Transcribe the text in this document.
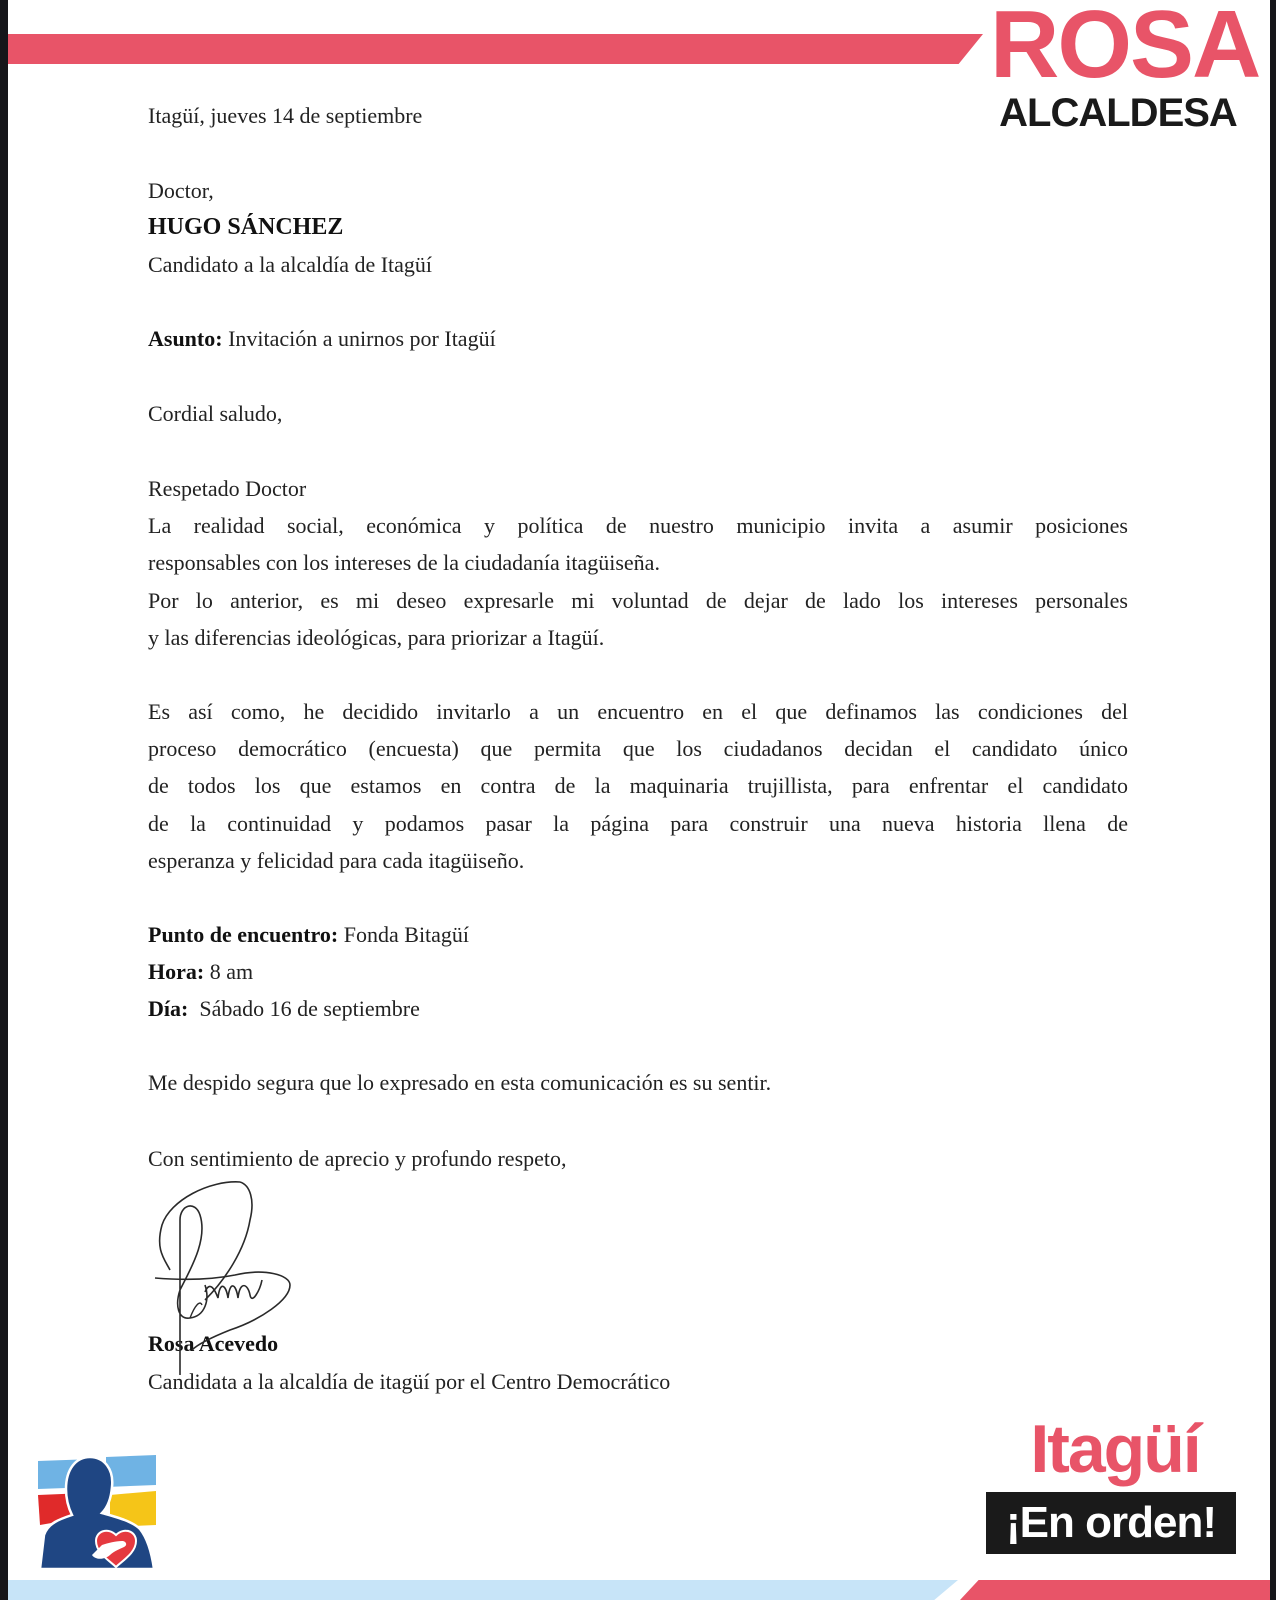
ROSA
ALCALDESA
Itagüí, jueves 14 de septiembre
Doctor,
HUGO SÁNCHEZ
Candidato a la alcaldía de Itagüí
Asunto: Invitación a unirnos por Itagüí
Cordial saludo,
Respetado Doctor
La realidad social, económica y política de nuestro municipio invita a asumir posiciones
responsables con los intereses de la ciudadanía itagüiseña.
Por lo anterior, es mi deseo expresarle mi voluntad de dejar de lado los intereses personales
y las diferencias ideológicas, para priorizar a Itagüí.
Es así como, he decidido invitarlo a un encuentro en el que definamos las condiciones del
proceso democrático (encuesta) que permita que los ciudadanos decidan el candidato único
de todos los que estamos en contra de la maquinaria trujillista, para enfrentar el candidato
de la continuidad y podamos pasar la página para construir una nueva historia llena de
esperanza y felicidad para cada itagüiseño.
Punto de encuentro: Fonda Bitagüí
Hora: 8 am
Día: Sábado 16 de septiembre
Me despido segura que lo expresado en esta comunicación es su sentir.
Con sentimiento de aprecio y profundo respeto,
Rosa Acevedo
Candidata a la alcaldía de itagüí por el Centro Democrático
Itagüí
¡En orden!
